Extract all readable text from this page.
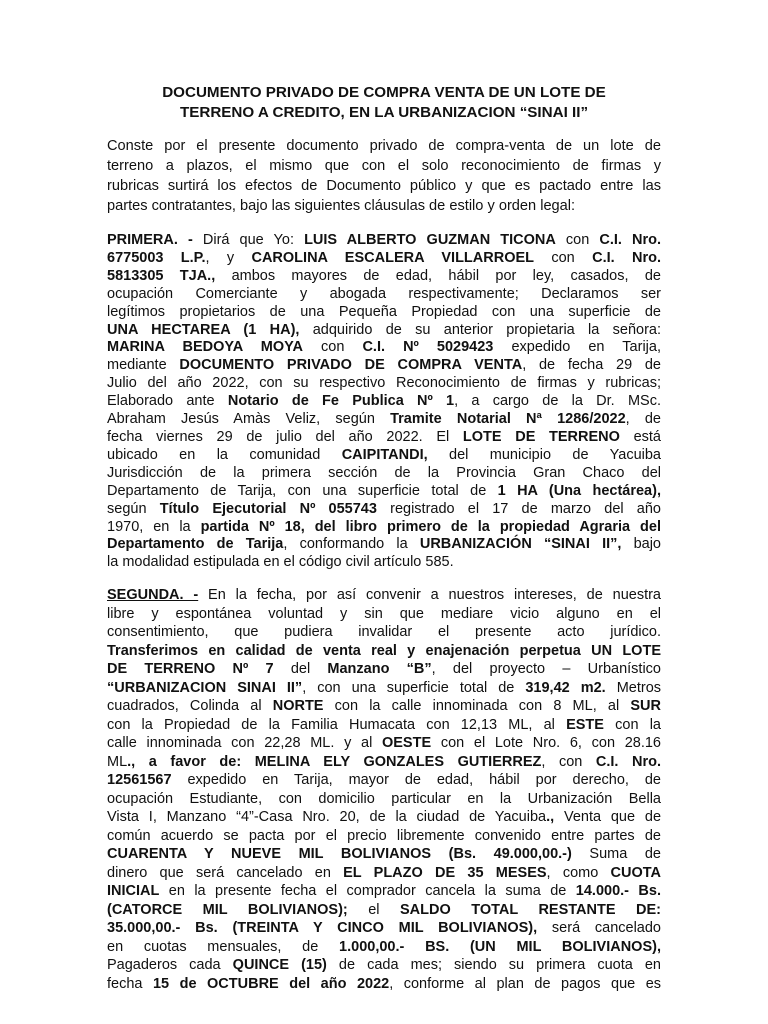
DOCUMENTO PRIVADO DE COMPRA VENTA DE UN LOTE DE
TERRENO A CREDITO, EN LA URBANIZACION “SINAI II”
Conste por el presente documento privado de compra-venta de un lote de
terreno a plazos, el mismo que con el solo reconocimiento de firmas y
rubricas surtirá los efectos de Documento público y que es pactado entre las
partes contratantes, bajo las siguientes cláusulas de estilo y orden legal:
PRIMERA. - Dirá que Yo: LUIS ALBERTO GUZMAN TICONA con C.I. Nro.
6775003 L.P., y CAROLINA ESCALERA VILLARROEL con C.I. Nro.
5813305 TJA., ambos mayores de edad, hábil por ley, casados, de
ocupación Comerciante y abogada respectivamente; Declaramos ser
legítimos propietarios de una Pequeña Propiedad con una superficie de
UNA HECTAREA (1 HA), adquirido de su anterior propietaria la señora:
MARINA BEDOYA MOYA con C.I. Nº 5029423 expedido en Tarija,
mediante DOCUMENTO PRIVADO DE COMPRA VENTA, de fecha 29 de
Julio del año 2022, con su respectivo Reconocimiento de firmas y rubricas;
Elaborado ante Notario de Fe Publica Nº 1, a cargo de la Dr. MSc.
Abraham Jesús Amàs Veliz, según Tramite Notarial Nª 1286/2022, de
fecha viernes 29 de julio del año 2022. El LOTE DE TERRENO está
ubicado en la comunidad CAIPITANDI, del municipio de Yacuiba
Jurisdicción de la primera sección de la Provincia Gran Chaco del
Departamento de Tarija, con una superficie total de 1 HA (Una hectárea),
según Título Ejecutorial Nº 055743 registrado el 17 de marzo del año
1970, en la partida Nº 18, del libro primero de la propiedad Agraria del
Departamento de Tarija, conformando la URBANIZACIÓN “SINAI II”, bajo
la modalidad estipulada en el código civil artículo 585.
SEGUNDA. - En la fecha, por así convenir a nuestros intereses, de nuestra
libre y espontánea voluntad y sin que mediare vicio alguno en el
consentimiento, que pudiera invalidar el presente acto jurídico.
Transferimos en calidad de venta real y enajenación perpetua UN LOTE
DE TERRENO Nº 7 del Manzano “B”, del proyecto – Urbanístico
“URBANIZACION SINAI II”, con una superficie total de 319,42 m2. Metros
cuadrados, Colinda al NORTE con la calle innominada con 8 ML, al SUR
con la Propiedad de la Familia Humacata con 12,13 ML, al ESTE con la
calle innominada con 22,28 ML. y al OESTE con el Lote Nro. 6, con 28.16
ML., a favor de: MELINA ELY GONZALES GUTIERREZ, con C.I. Nro.
12561567 expedido en Tarija, mayor de edad, hábil por derecho, de
ocupación Estudiante, con domicilio particular en la Urbanización Bella
Vista I, Manzano “4”-Casa Nro. 20, de la ciudad de Yacuiba., Venta que de
común acuerdo se pacta por el precio libremente convenido entre partes de
CUARENTA Y NUEVE MIL BOLIVIANOS (Bs. 49.000,00.-) Suma de
dinero que será cancelado en EL PLAZO DE 35 MESES, como CUOTA
INICIAL en la presente fecha el comprador cancela la suma de 14.000.- Bs.
(CATORCE MIL BOLIVIANOS); el SALDO TOTAL RESTANTE DE:
35.000,00.- Bs. (TREINTA Y CINCO MIL BOLIVIANOS), será cancelado
en cuotas mensuales, de 1.000,00.- BS. (UN MIL BOLIVIANOS),
Pagaderos cada QUINCE (15) de cada mes; siendo su primera cuota en
fecha 15 de OCTUBRE del año 2022, conforme al plan de pagos que es
